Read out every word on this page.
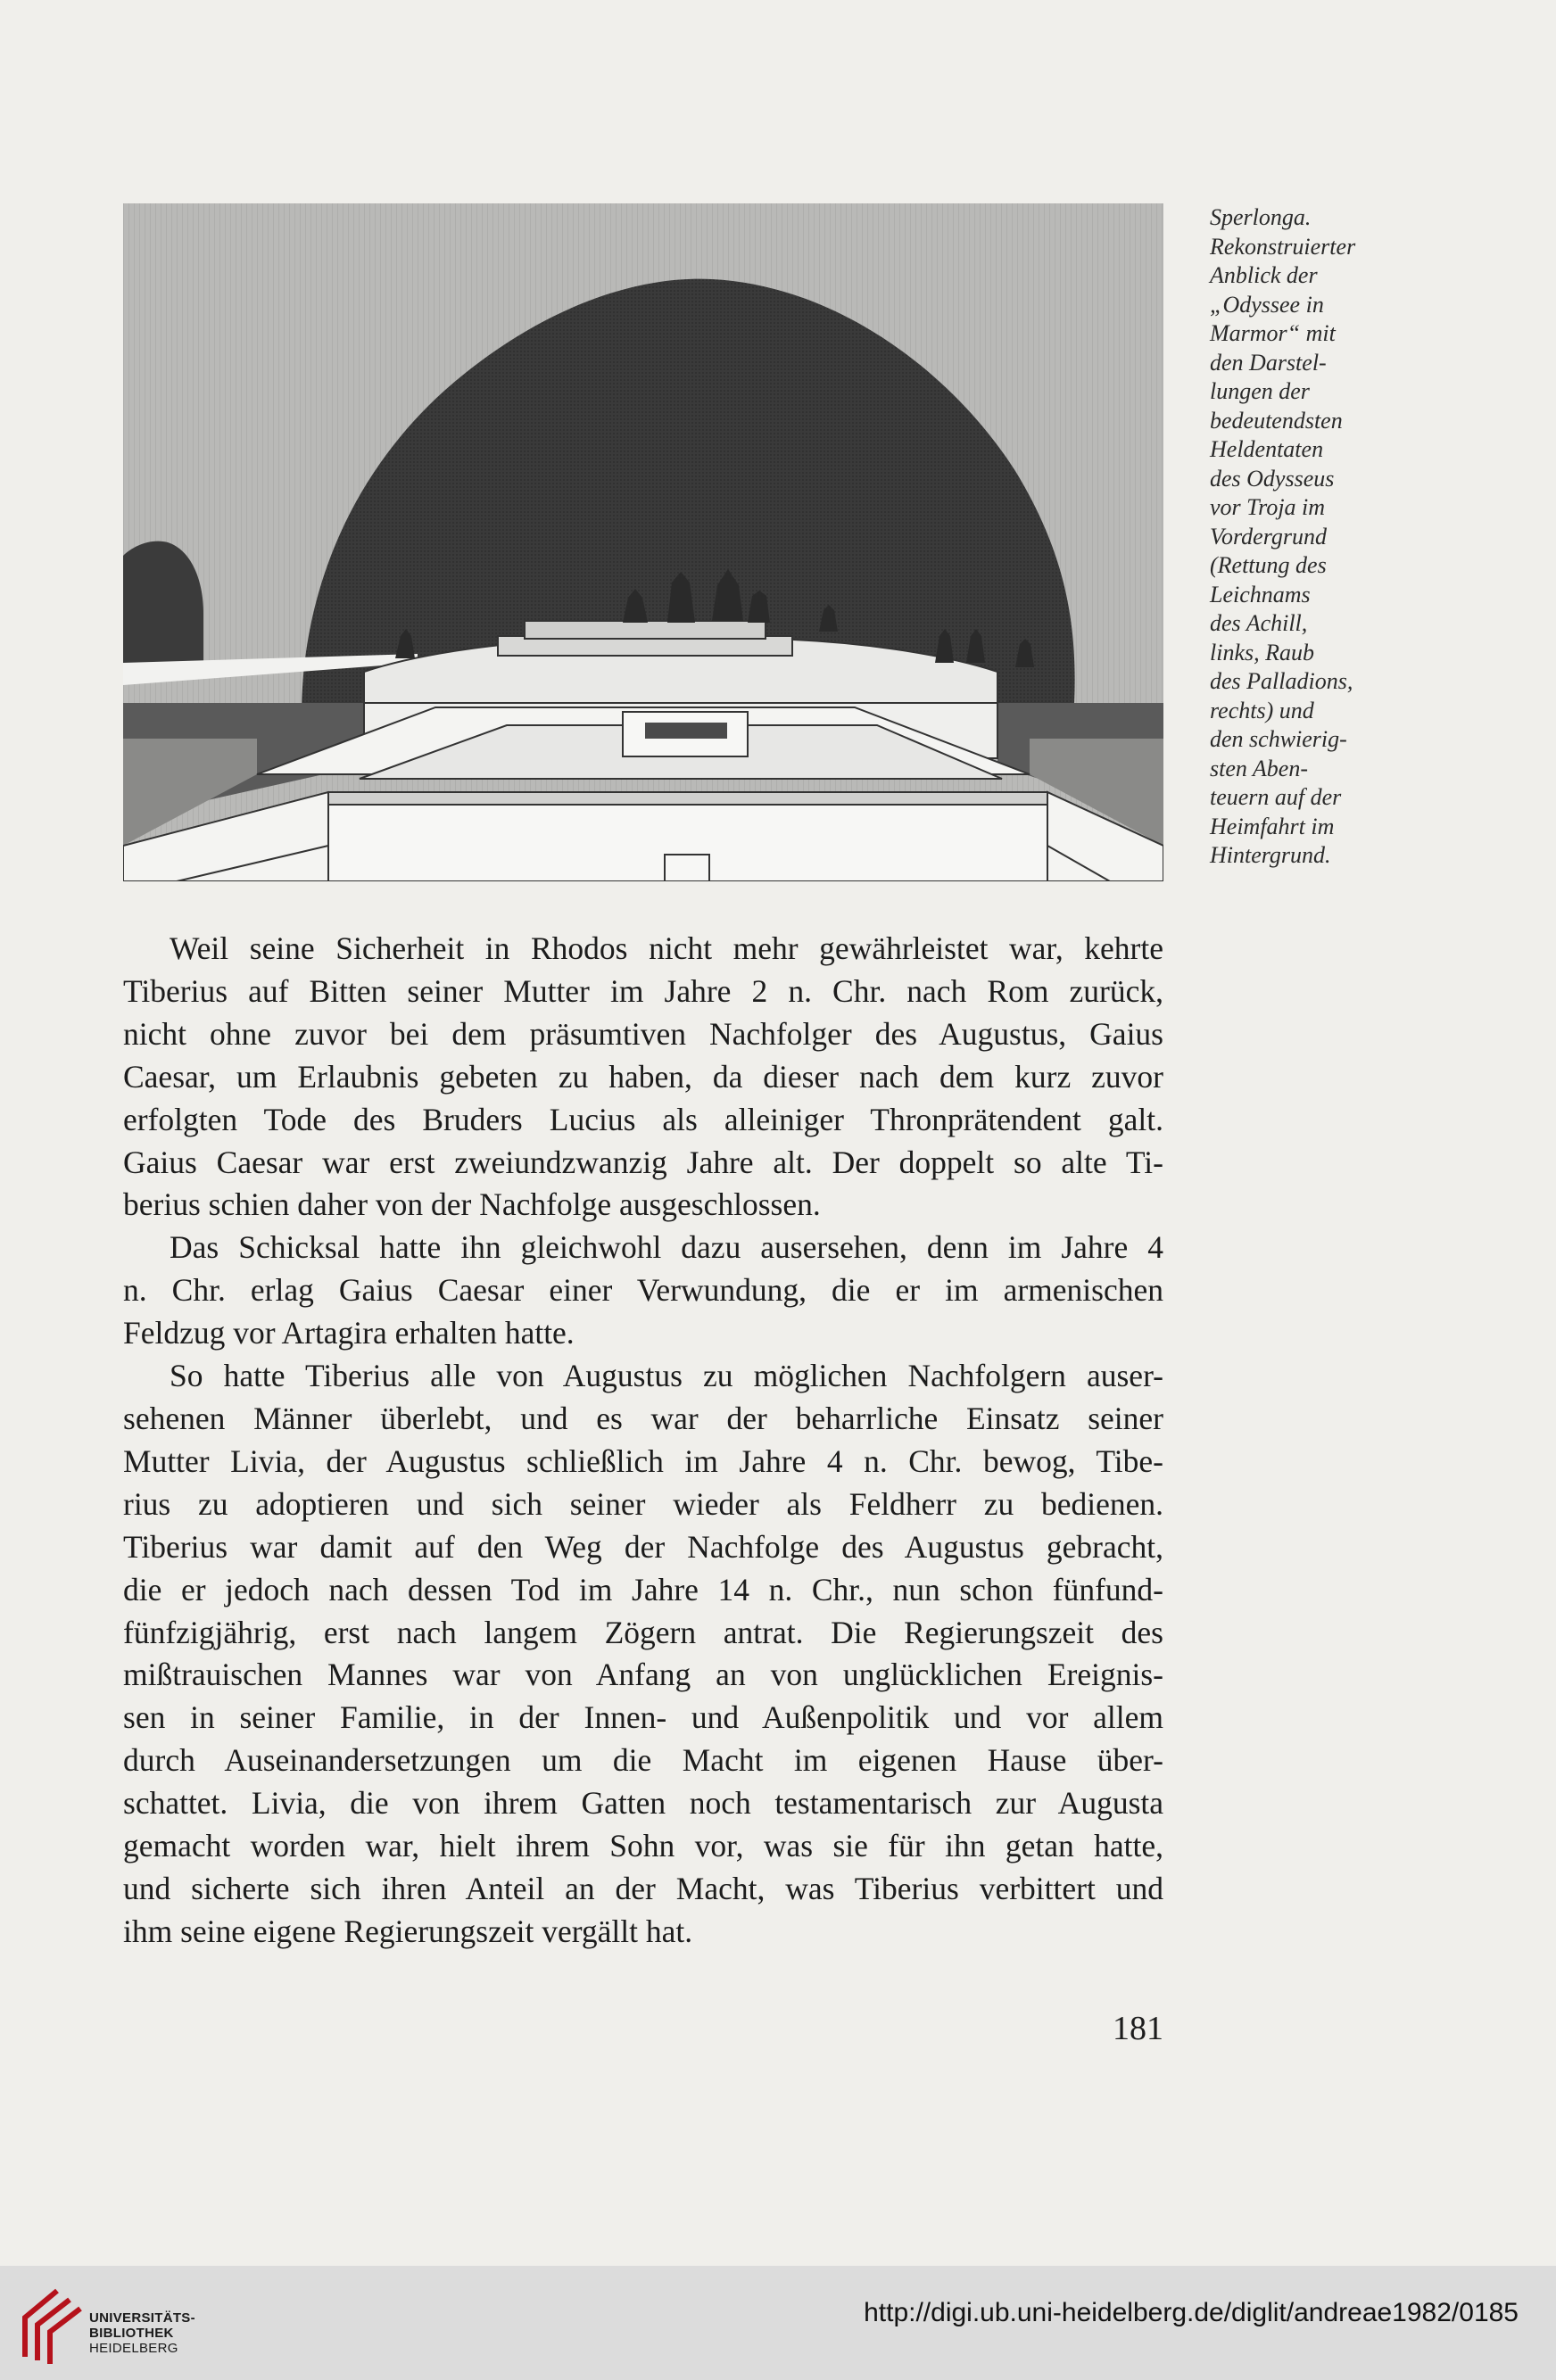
Sperlonga.
Rekonstruierter
Anblick der
„Odyssee in
Marmor“ mit
den Darstel-
lungen der
bedeutendsten
Heldentaten
des Odysseus
vor Troja im
Vordergrund
(Rettung des
Leichnams
des Achill,
links, Raub
des Palladions,
rechts) und
den schwierig-
sten Aben-
teuern auf der
Heimfahrt im
Hintergrund.
Weil seine Sicherheit in Rhodos nicht mehr gewährleistet war, kehrte
Tiberius auf Bitten seiner Mutter im Jahre 2 n. Chr. nach Rom zurück,
nicht ohne zuvor bei dem präsumtiven Nachfolger des Augustus, Gaius
Caesar, um Erlaubnis gebeten zu haben, da dieser nach dem kurz zuvor
erfolgten Tode des Bruders Lucius als alleiniger Thronprätendent galt.
Gaius Caesar war erst zweiundzwanzig Jahre alt. Der doppelt so alte Ti-
berius schien daher von der Nachfolge ausgeschlossen.
Das Schicksal hatte ihn gleichwohl dazu ausersehen, denn im Jahre 4
n. Chr. erlag Gaius Caesar einer Verwundung, die er im armenischen
Feldzug vor Artagira erhalten hatte.
So hatte Tiberius alle von Augustus zu möglichen Nachfolgern auser-
sehenen Männer überlebt, und es war der beharrliche Einsatz seiner
Mutter Livia, der Augustus schließlich im Jahre 4 n. Chr. bewog, Tibe-
rius zu adoptieren und sich seiner wieder als Feldherr zu bedienen.
Tiberius war damit auf den Weg der Nachfolge des Augustus gebracht,
die er jedoch nach dessen Tod im Jahre 14 n. Chr., nun schon fünfund-
fünfzigjährig, erst nach langem Zögern antrat. Die Regierungszeit des
mißtrauischen Mannes war von Anfang an von unglücklichen Ereignis-
sen in seiner Familie, in der Innen- und Außenpolitik und vor allem
durch Auseinandersetzungen um die Macht im eigenen Hause über-
schattet. Livia, die von ihrem Gatten noch testamentarisch zur Augusta
gemacht worden war, hielt ihrem Sohn vor, was sie für ihn getan hatte,
und sicherte sich ihren Anteil an der Macht, was Tiberius verbittert und
ihm seine eigene Regierungszeit vergällt hat.
181
UNIVERSITÄTS-
BIBLIOTHEK
HEIDELBERG
http://digi.ub.uni-heidelberg.de/diglit/andreae1982/0185
